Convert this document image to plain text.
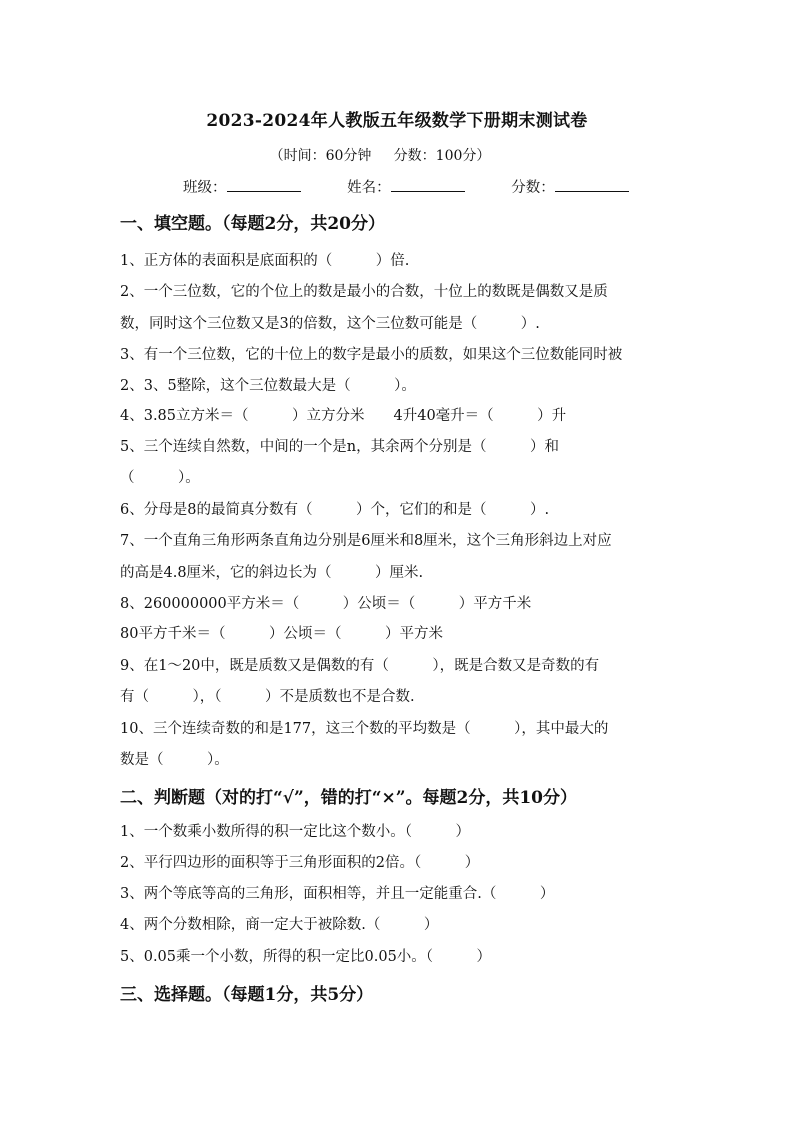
2023-2024年人教版五年级数学下册期末测试卷
（时间：60分钟     分数：100分）
班级：	姓名：	分数：
一、填空题。（每题2分，共20分）
1、正方体的表面积是底面积的（　　　）倍.
2、一个三位数，它的个位上的数是最小的合数，十位上的数既是偶数又是质
数，同时这个三位数又是3的倍数，这个三位数可能是（　　　）.
3、有一个三位数，它的十位上的数字是最小的质数，如果这个三位数能同时被
2、3、5整除，这个三位数最大是（　　　）。
4、3.85立方米＝（　　　）立方分米　　4升40毫升＝（　　　）升
5、三个连续自然数，中间的一个是n，其余两个分别是（　　　）和
（　　　）。
6、分母是8的最简真分数有（　　　）个，它们的和是（　　　）.
7、一个直角三角形两条直角边分别是6厘米和8厘米，这个三角形斜边上对应
的高是4.8厘米，它的斜边长为（　　　）厘米.
8、260000000平方米＝（　　　）公顷＝（　　　）平方千米
80平方千米＝（　　　）公顷＝（　　　）平方米
9、在1～20中，既是质数又是偶数的有（　　　），既是合数又是奇数的有
有（　　　），（　　　）不是质数也不是合数.
10、三个连续奇数的和是177，这三个数的平均数是（　　　），其中最大的
数是（　　　）。
二、判断题（对的打“√”，错的打“×”。每题2分，共10分）
1、一个数乘小数所得的积一定比这个数小。（　　　）
2、平行四边形的面积等于三角形面积的2倍。（　　　）
3、两个等底等高的三角形，面积相等，并且一定能重合.（　　　）
4、两个分数相除，商一定大于被除数.（　　　）
5、0.05乘一个小数，所得的积一定比0.05小。（　　　）
三、选择题。（每题1分，共5分）
